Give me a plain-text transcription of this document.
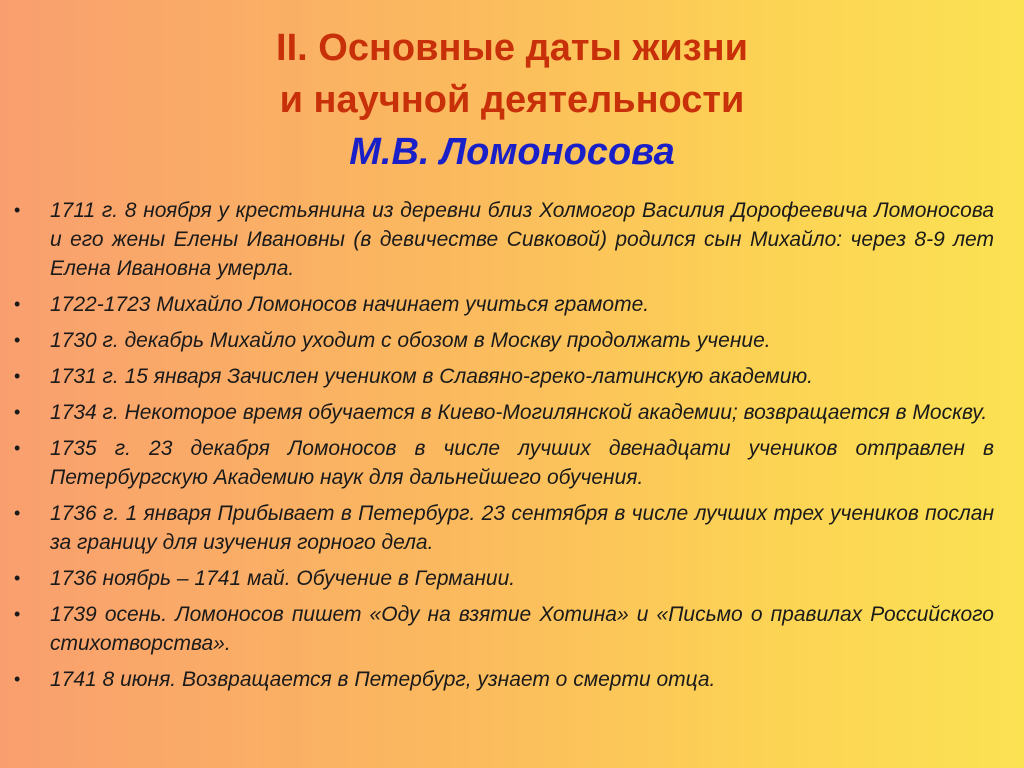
II. Основные даты жизни
и научной деятельности
М.В. Ломоносова
• 1711 г. 8 ноября у крестьянина из деревни близ Холмогор Василия Дорофеевича Ломоносова и его жены Елены Ивановны (в девичестве Сивковой) родился сын Михайло: через 8-9 лет Елена Ивановна умерла.
• 1722-1723 Михайло Ломоносов начинает учиться грамоте.
• 1730 г. декабрь Михайло уходит с обозом в Москву продолжать учение.
• 1731 г. 15 января Зачислен учеником в Славяно-греко-латинскую академию.
• 1734 г. Некоторое время обучается в Киево-Могилянской академии; возвращается в Москву.
• 1735 г. 23 декабря Ломоносов в числе лучших двенадцати учеников отправлен в Петербургскую Академию наук для дальнейшего обучения.
• 1736 г. 1 января Прибывает в Петербург. 23 сентября в числе лучших трех учеников послан за границу для изучения горного дела.
• 1736 ноябрь – 1741 май. Обучение в Германии.
• 1739 осень. Ломоносов пишет «Оду на взятие Хотина» и «Письмо о правилах Российского стихотворства».
• 1741 8 июня. Возвращается в Петербург, узнает о смерти отца.
